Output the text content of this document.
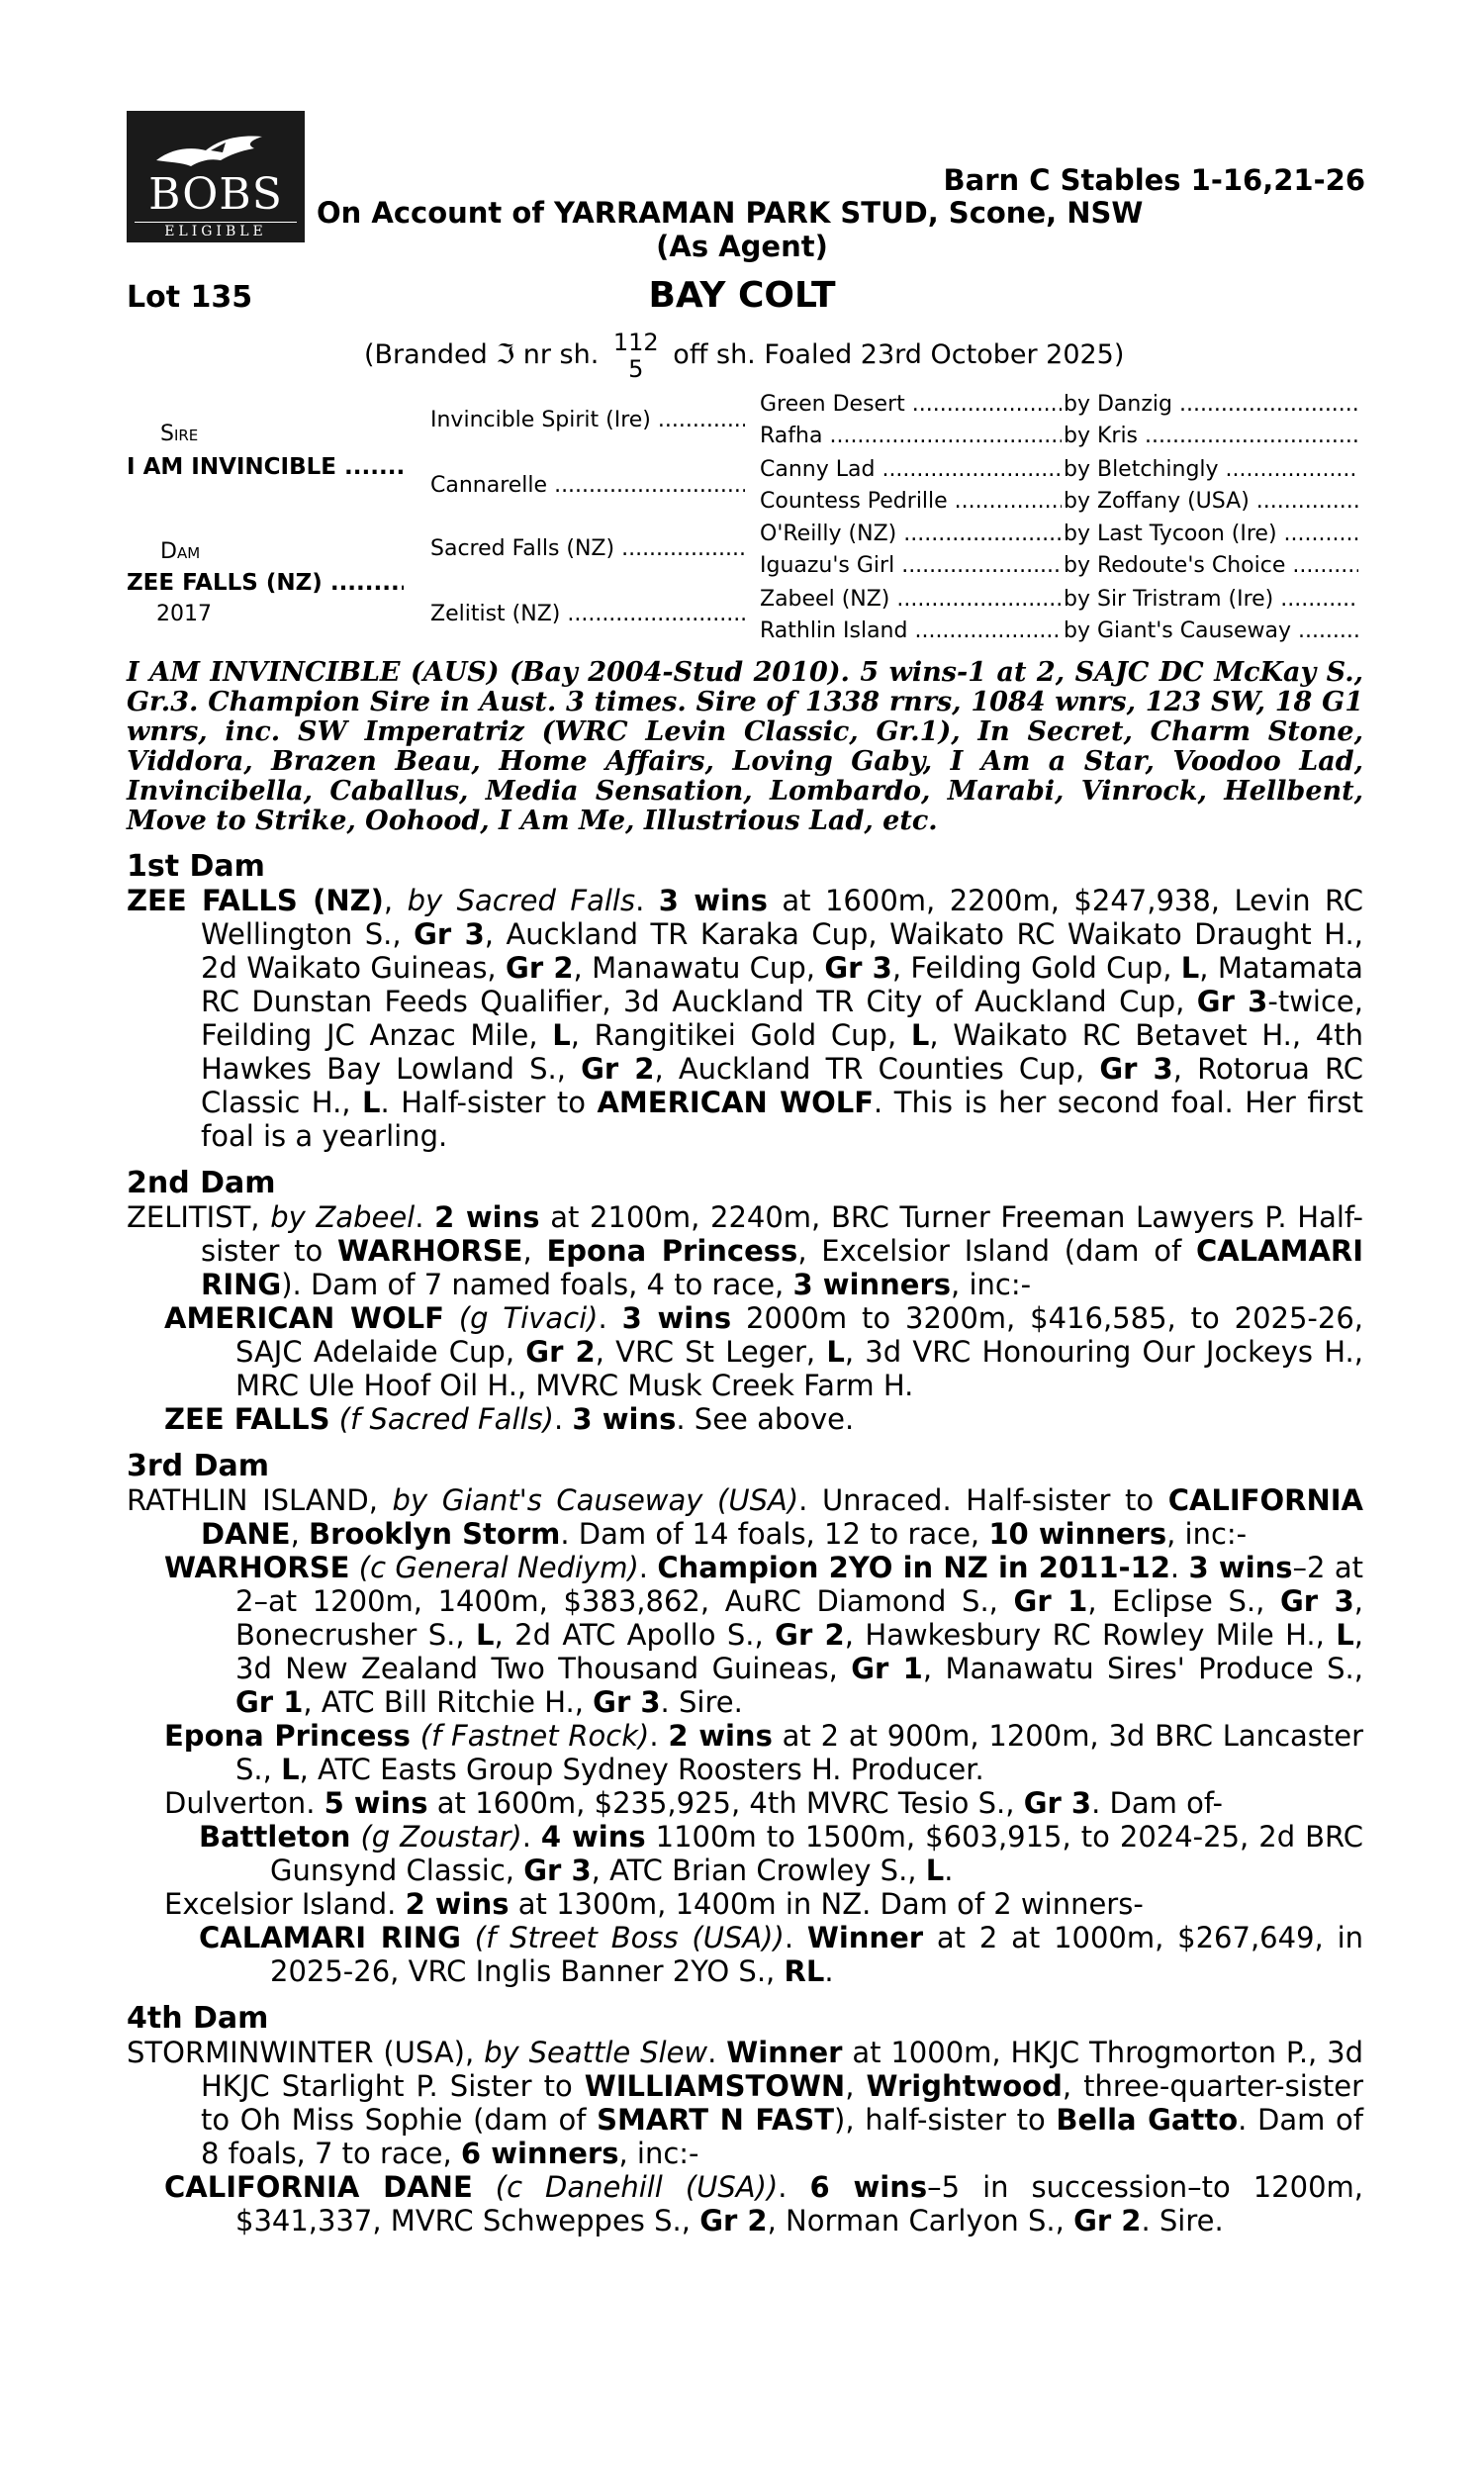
BOBS
ELIGIBLE
Barn C Stables 1-16,21-26
On Account of YARRAMAN PARK STUD, Scone, NSW
(As Agent)
Lot 135	BAY COLT
(Branded ℑ nr sh. 112
5	off sh. Foaled 23rd October 2025)
Sire
I AM INVINCIBLE .....
Dam
ZEE FALLS (NZ) .....
2017
Invincible Spirit (Ire) .....
Cannarelle .....
Sacred Falls (NZ) .....
Zelitist (NZ) .....
Green Desert .....
Rafha .....
Canny Lad .....
Countess Pedrille .....
O'Reilly (NZ) .....
Iguazu's Girl .....
Zabeel (NZ) .....
Rathlin Island .....
by Danzig .....
by Kris .....
by Bletchingly .....
by Zoffany (USA) .....
by Last Tycoon (Ire) .....
by Redoute's Choice .....
by Sir Tristram (Ire) .....
by Giant's Causeway .....

I AM INVINCIBLE (AUS) (Bay 2004-Stud 2010). 5 wins-1 at 2, SAJC DC McKay S., Gr.3. Champion Sire in Aust. 3 times. Sire of 1338 rnrs, 1084 wnrs, 123 SW, 18 G1 wnrs, inc. SW Imperatriz (WRC Levin Classic, Gr.1), In Secret, Charm Stone, Viddora, Brazen Beau, Home Affairs, Loving Gaby, I Am a Star, Voodoo Lad, Invincibella, Caballus, Media Sensation, Lombardo, Marabi, Vinrock, Hellbent, Move to Strike, Oohood, I Am Me, Illustrious Lad, etc.

1st Dam

ZEE FALLS (NZ), by Sacred Falls. 3 wins at 1600m, 2200m, $247,938, Levin RC Wellington S., Gr 3, Auckland TR Karaka Cup, Waikato RC Waikato Draught H., 2d Waikato Guineas, Gr 2, Manawatu Cup, Gr 3, Feilding Gold Cup, L, Matamata RC Dunstan Feeds Qualifier, 3d Auckland TR City of Auckland Cup, Gr 3-twice, Feilding JC Anzac Mile, L, Rangitikei Gold Cup, L, Waikato RC Betavet H., 4th Hawkes Bay Lowland S., Gr 2, Auckland TR Counties Cup, Gr 3, Rotorua RC Classic H., L. Half-sister to AMERICAN WOLF. This is her second foal. Her first foal is a yearling.

2nd Dam

ZELITIST, by Zabeel. 2 wins at 2100m, 2240m, BRC Turner Freeman Lawyers P. Half-sister to WARHORSE, Epona Princess, Excelsior Island (dam of CALAMARI RING). Dam of 7 named foals, 4 to race, 3 winners, inc:-

AMERICAN WOLF (g Tivaci). 3 wins 2000m to 3200m, $416,585, to 2025-26, SAJC Adelaide Cup, Gr 2, VRC St Leger, L, 3d VRC Honouring Our Jockeys H., MRC Ule Hoof Oil H., MVRC Musk Creek Farm H.

ZEE FALLS (f Sacred Falls). 3 wins. See above.

3rd Dam

RATHLIN ISLAND, by Giant's Causeway (USA). Unraced. Half-sister to CALIFORNIA DANE, Brooklyn Storm. Dam of 14 foals, 12 to race, 10 winners, inc:-

WARHORSE (c General Nediym). Champion 2YO in NZ in 2011-12. 3 wins–2 at 2–at 1200m, 1400m, $383,862, AuRC Diamond S., Gr 1, Eclipse S., Gr 3, Bonecrusher S., L, 2d ATC Apollo S., Gr 2, Hawkesbury RC Rowley Mile H., L, 3d New Zealand Two Thousand Guineas, Gr 1, Manawatu Sires' Produce S., Gr 1, ATC Bill Ritchie H., Gr 3. Sire.

Epona Princess (f Fastnet Rock). 2 wins at 2 at 900m, 1200m, 3d BRC Lancaster S., L, ATC Easts Group Sydney Roosters H. Producer.

Dulverton. 5 wins at 1600m, $235,925, 4th MVRC Tesio S., Gr 3. Dam of-

Battleton (g Zoustar). 4 wins 1100m to 1500m, $603,915, to 2024-25, 2d BRC Gunsynd Classic, Gr 3, ATC Brian Crowley S., L.

Excelsior Island. 2 wins at 1300m, 1400m in NZ. Dam of 2 winners-

CALAMARI RING (f Street Boss (USA)). Winner at 2 at 1000m, $267,649, in 2025-26, VRC Inglis Banner 2YO S., RL.

4th Dam

STORMINWINTER (USA), by Seattle Slew. Winner at 1000m, HKJC Throgmorton P., 3d HKJC Starlight P. Sister to WILLIAMSTOWN, Wrightwood, three-quarter-sister to Oh Miss Sophie (dam of SMART N FAST), half-sister to Bella Gatto. Dam of 8 foals, 7 to race, 6 winners, inc:-

CALIFORNIA DANE (c Danehill (USA)). 6 wins–5 in succession–to 1200m, $341,337, MVRC Schweppes S., Gr 2, Norman Carlyon S., Gr 2. Sire.
